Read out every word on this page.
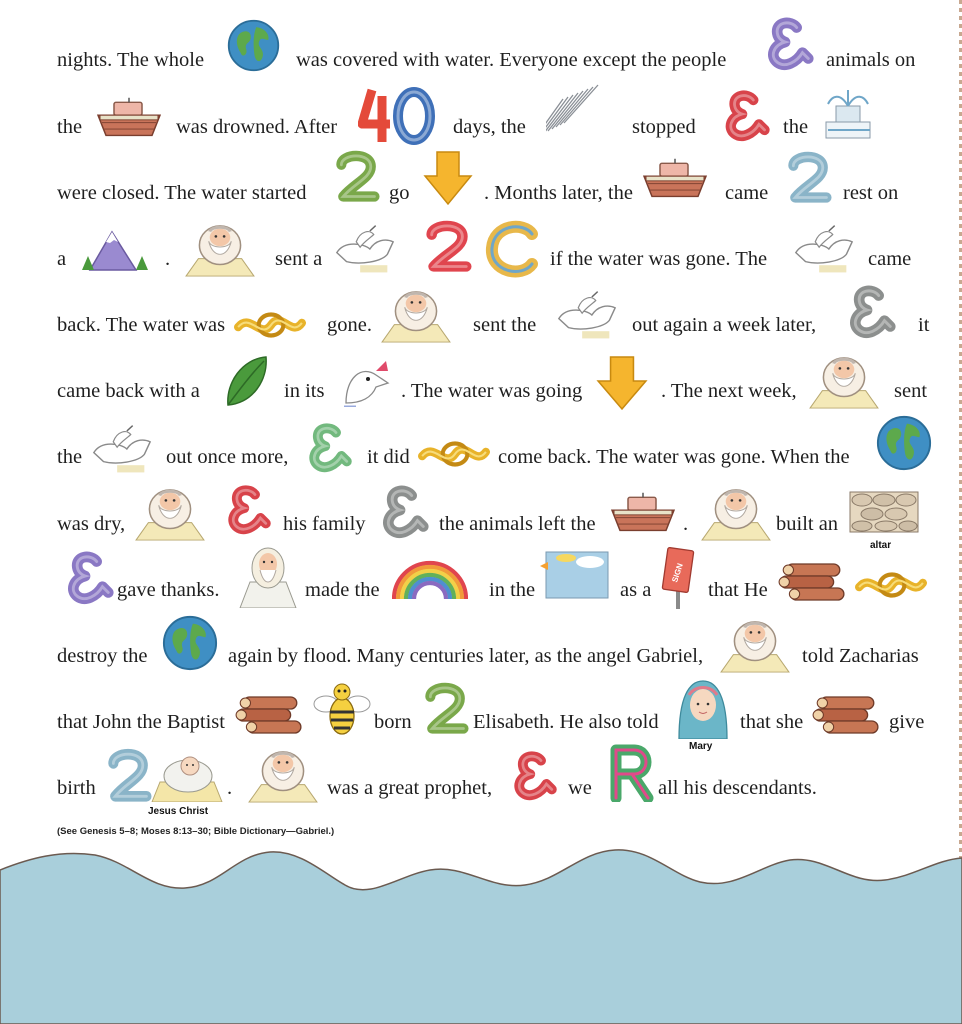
nights. The whole	was covered with water. Everyone except the people	animals on
the	was drowned. After	days, the	stopped	the
were closed. The water started	go	. Months later, the	came	rest on
a	.	sent a	if the water was gone. The	came
back. The water was	gone.	sent the	out again a week later,	it
came back with a	in its	. The water was going	. The next week,	sent
the	out once more,	it did	come back. The water was gone. When the
was dry,	his family	the animals left the	.	built an
gave thanks.	made the	in the	as a	that He
SIGN
destroy the	again by flood. Many centuries later, as the angel Gabriel,	told Zacharias
that John the Baptist	born	Elisabeth. He also told	that she	give
birth	.	was a great prophet,	we	all his descendants.
altar
Mary
Jesus Christ
(See Genesis 5–8; Moses 8:13–30; Bible Dictionary—Gabriel.)
